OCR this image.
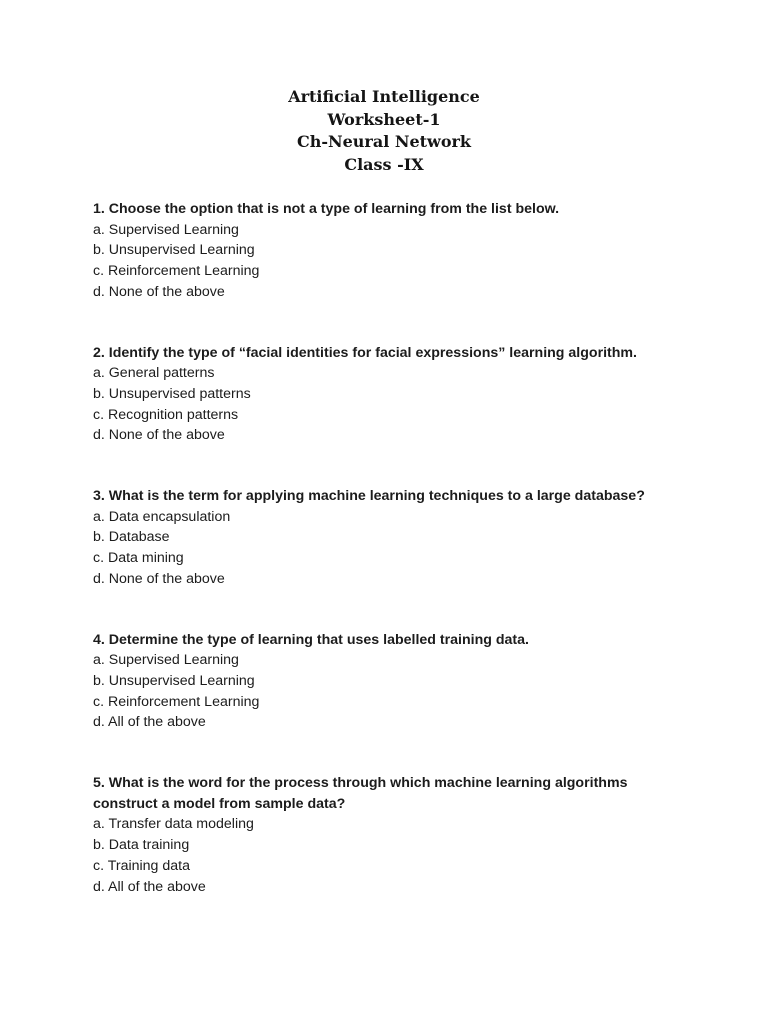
Artificial Intelligence
Worksheet-1
Ch-Neural Network
Class -IX

1. Choose the option that is not a type of learning from the list below.

a. Supervised Learning
b. Unsupervised Learning
c. Reinforcement Learning
d. None of the above

2. Identify the type of “facial identities for facial expressions” learning algorithm.

a. General patterns
b. Unsupervised patterns
c. Recognition patterns
d. None of the above

3. What is the term for applying machine learning techniques to a large database?

a. Data encapsulation
b. Database
c. Data mining
d. None of the above

4. Determine the type of learning that uses labelled training data.

a. Supervised Learning
b. Unsupervised Learning
c. Reinforcement Learning
d. All of the above

5. What is the word for the process through which machine learning algorithms
construct a model from sample data?

a. Transfer data modeling
b. Data training
c. Training data
d. All of the above
